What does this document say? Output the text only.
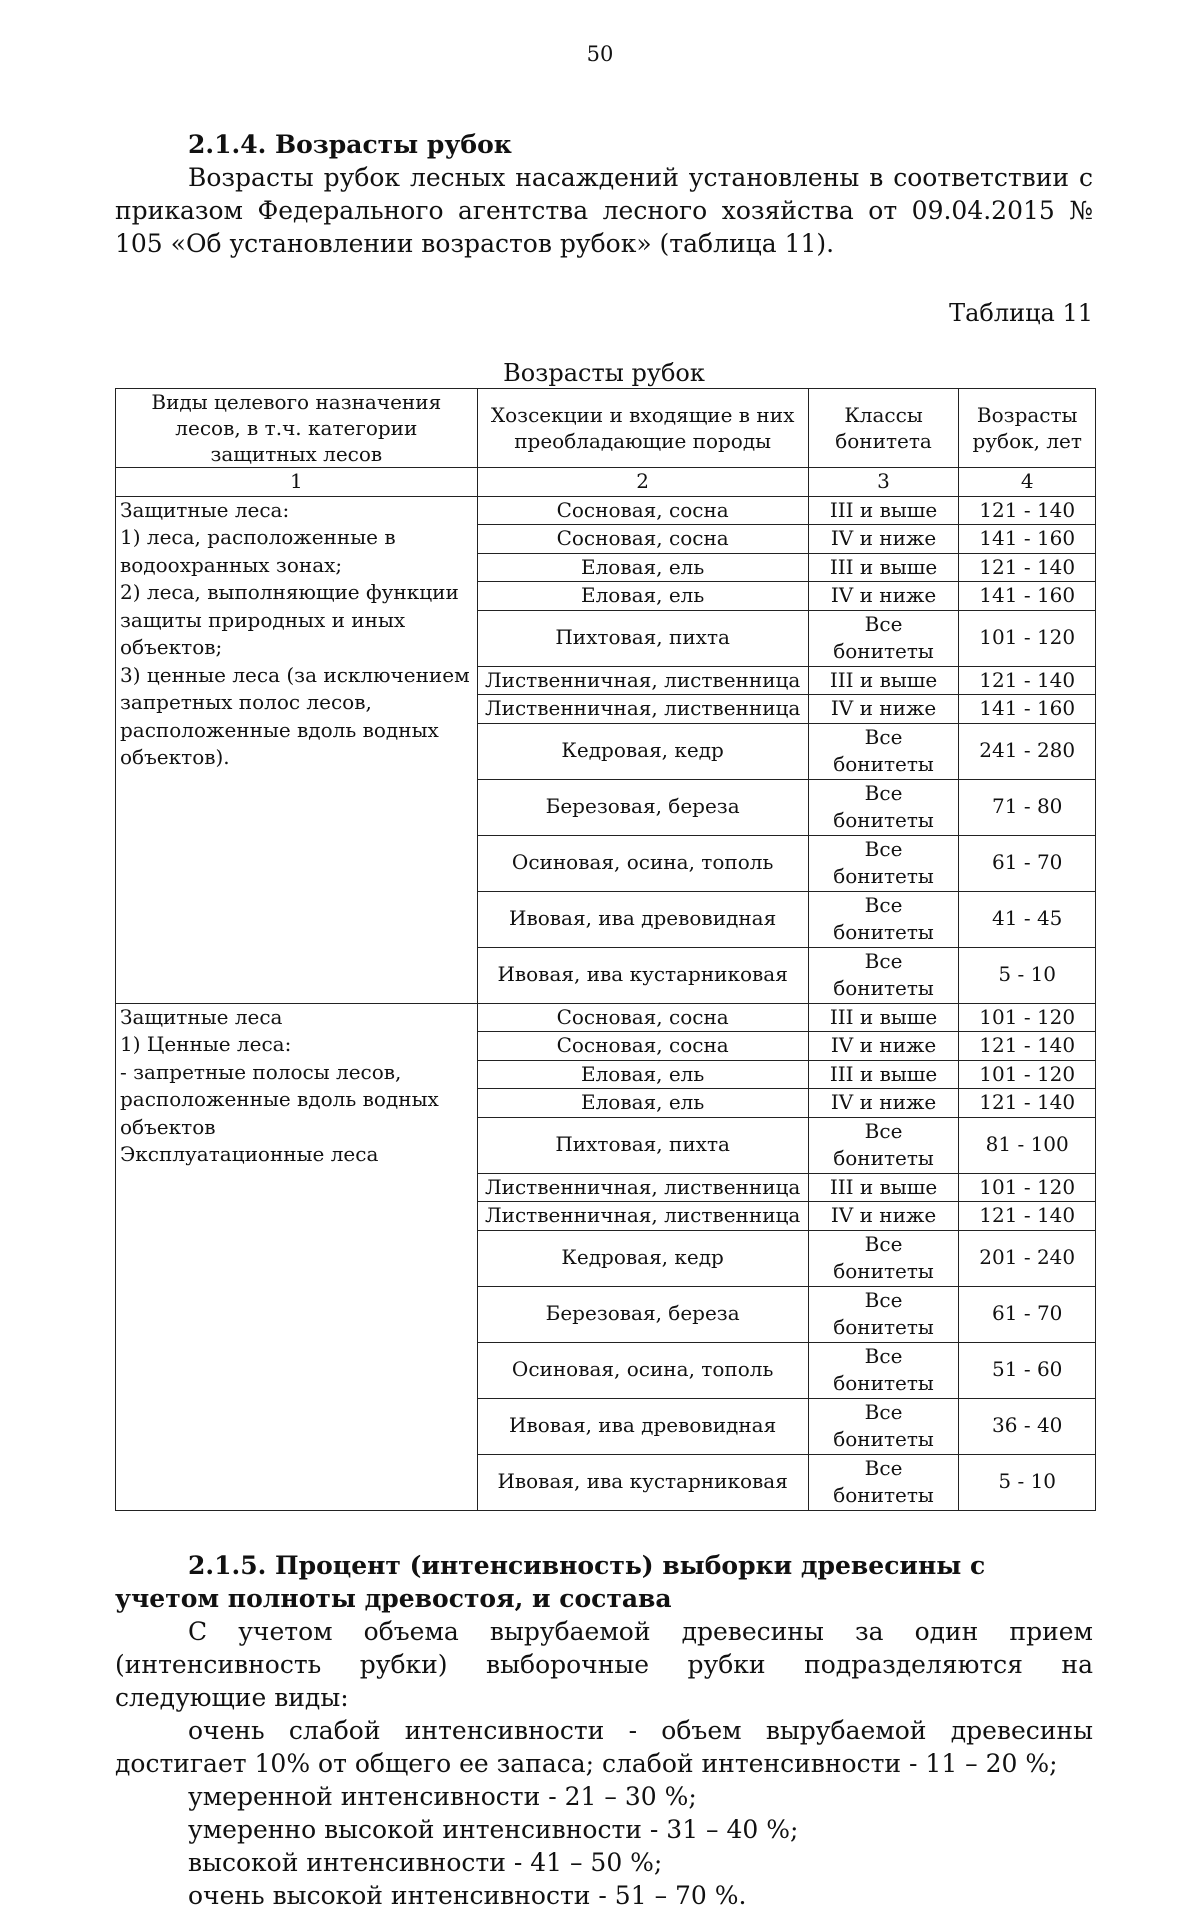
50

2.1.4. Возрасты рубок

Возрасты рубок лесных насаждений установлены в соответствии с приказом Федерального агентства лесного хозяйства от 09.04.2015 № 105 «Об установлении возрастов рубок» (таблица 11).

Таблица 11
Возрасты рубок
Виды целевого назначения лесов, в т.ч. категории защитных лесов	Хозсекции и входящие в них преобладающие породы	Классы бонитета	Возрасты рубок, лет
1	2	3	4

Защитные леса:
1) леса, расположенные в водоохранных зонах;
2) леса, выполняющие функции защиты природных и иных объектов;
3) ценные леса (за исключением запретных полос лесов, расположенные вдоль водных объектов).	Сосновая, сосна	III и выше	121 - 140
	Сосновая, сосна	IV и ниже	141 - 160
	Еловая, ель	III и выше	121 - 140
	Еловая, ель	IV и ниже	141 - 160
	Пихтовая, пихта	Все бонитеты	101 - 120
	Лиственничная, лиственница	III и выше	121 - 140
	Лиственничная, лиственница	IV и ниже	141 - 160
	Кедровая, кедр	Все бонитеты	241 - 280
	Березовая, береза	Все бонитеты	71 - 80
	Осиновая, осина, тополь	Все бонитеты	61 - 70
	Ивовая, ива древовидная	Все бонитеты	41 - 45
	Ивовая, ива кустарниковая	Все бонитеты	5 - 10

Защитные леса
1) Ценные леса:
- запретные полосы лесов, расположенные вдоль водных объектов
Эксплуатационные леса	Сосновая, сосна	III и выше	101 - 120
	Сосновая, сосна	IV и ниже	121 - 140
	Еловая, ель	III и выше	101 - 120
	Еловая, ель	IV и ниже	121 - 140
	Пихтовая, пихта	Все бонитеты	81 - 100
	Лиственничная, лиственница	III и выше	101 - 120
	Лиственничная, лиственница	IV и ниже	121 - 140
	Кедровая, кедр	Все бонитеты	201 - 240
	Березовая, береза	Все бонитеты	61 - 70
	Осиновая, осина, тополь	Все бонитеты	51 - 60
	Ивовая, ива древовидная	Все бонитеты	36 - 40
	Ивовая, ива кустарниковая	Все бонитеты	5 - 10

2.1.5. Процент (интенсивность) выборки древесины с учетом полноты древостоя, и состава

С учетом объема вырубаемой древесины за один прием (интенсивность рубки) выборочные рубки подразделяются на следующие виды:

очень слабой интенсивности - объем вырубаемой древесины достигает 10% от общего ее запаса; слабой интенсивности - 11 – 20 %;

умеренной интенсивности - 21 – 30 %;

умеренно высокой интенсивности - 31 – 40 %;

высокой интенсивности - 41 – 50 %;

очень высокой интенсивности - 51 – 70 %.
